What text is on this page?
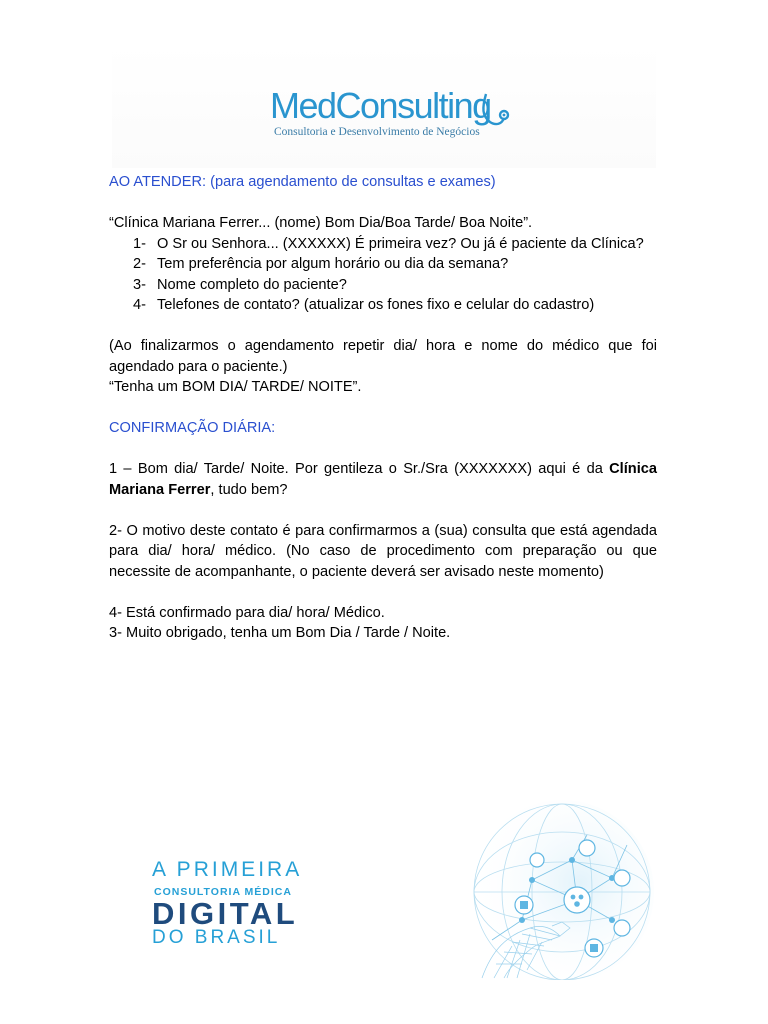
MedConsulting
Consultoria e Desenvolvimento de Negócios

AO ATENDER: (para agendamento de consultas e exames)

“Clínica Mariana Ferrer... (nome) Bom Dia/Boa Tarde/ Boa Noite”.

1- O Sr ou Senhora... (XXXXXX) É primeira vez? Ou já é paciente da Clínica?
2- Tem preferência por algum horário ou dia da semana?
3- Nome completo do paciente?
4- Telefones de contato? (atualizar os fones fixo e celular do cadastro)

(Ao finalizarmos o agendamento repetir dia/ hora e nome do médico que foi agendado para o paciente.)

“Tenha um BOM DIA/ TARDE/ NOITE”.

CONFIRMAÇÃO DIÁRIA:

1 – Bom dia/ Tarde/ Noite. Por gentileza o Sr./Sra (XXXXXXX) aqui é da Clínica Mariana Ferrer, tudo bem?

2- O motivo deste contato é para confirmarmos a (sua) consulta que está agendada para dia/ hora/ médico. (No caso de procedimento com preparação ou que necessite de acompanhante, o paciente deverá ser avisado neste momento)

4- Está confirmado para dia/ hora/ Médico.

3- Muito obrigado, tenha um Bom Dia / Tarde / Noite.

A PRIMEIRA
CONSULTORIA MÉDICA
DIGITAL
DO BRASIL
